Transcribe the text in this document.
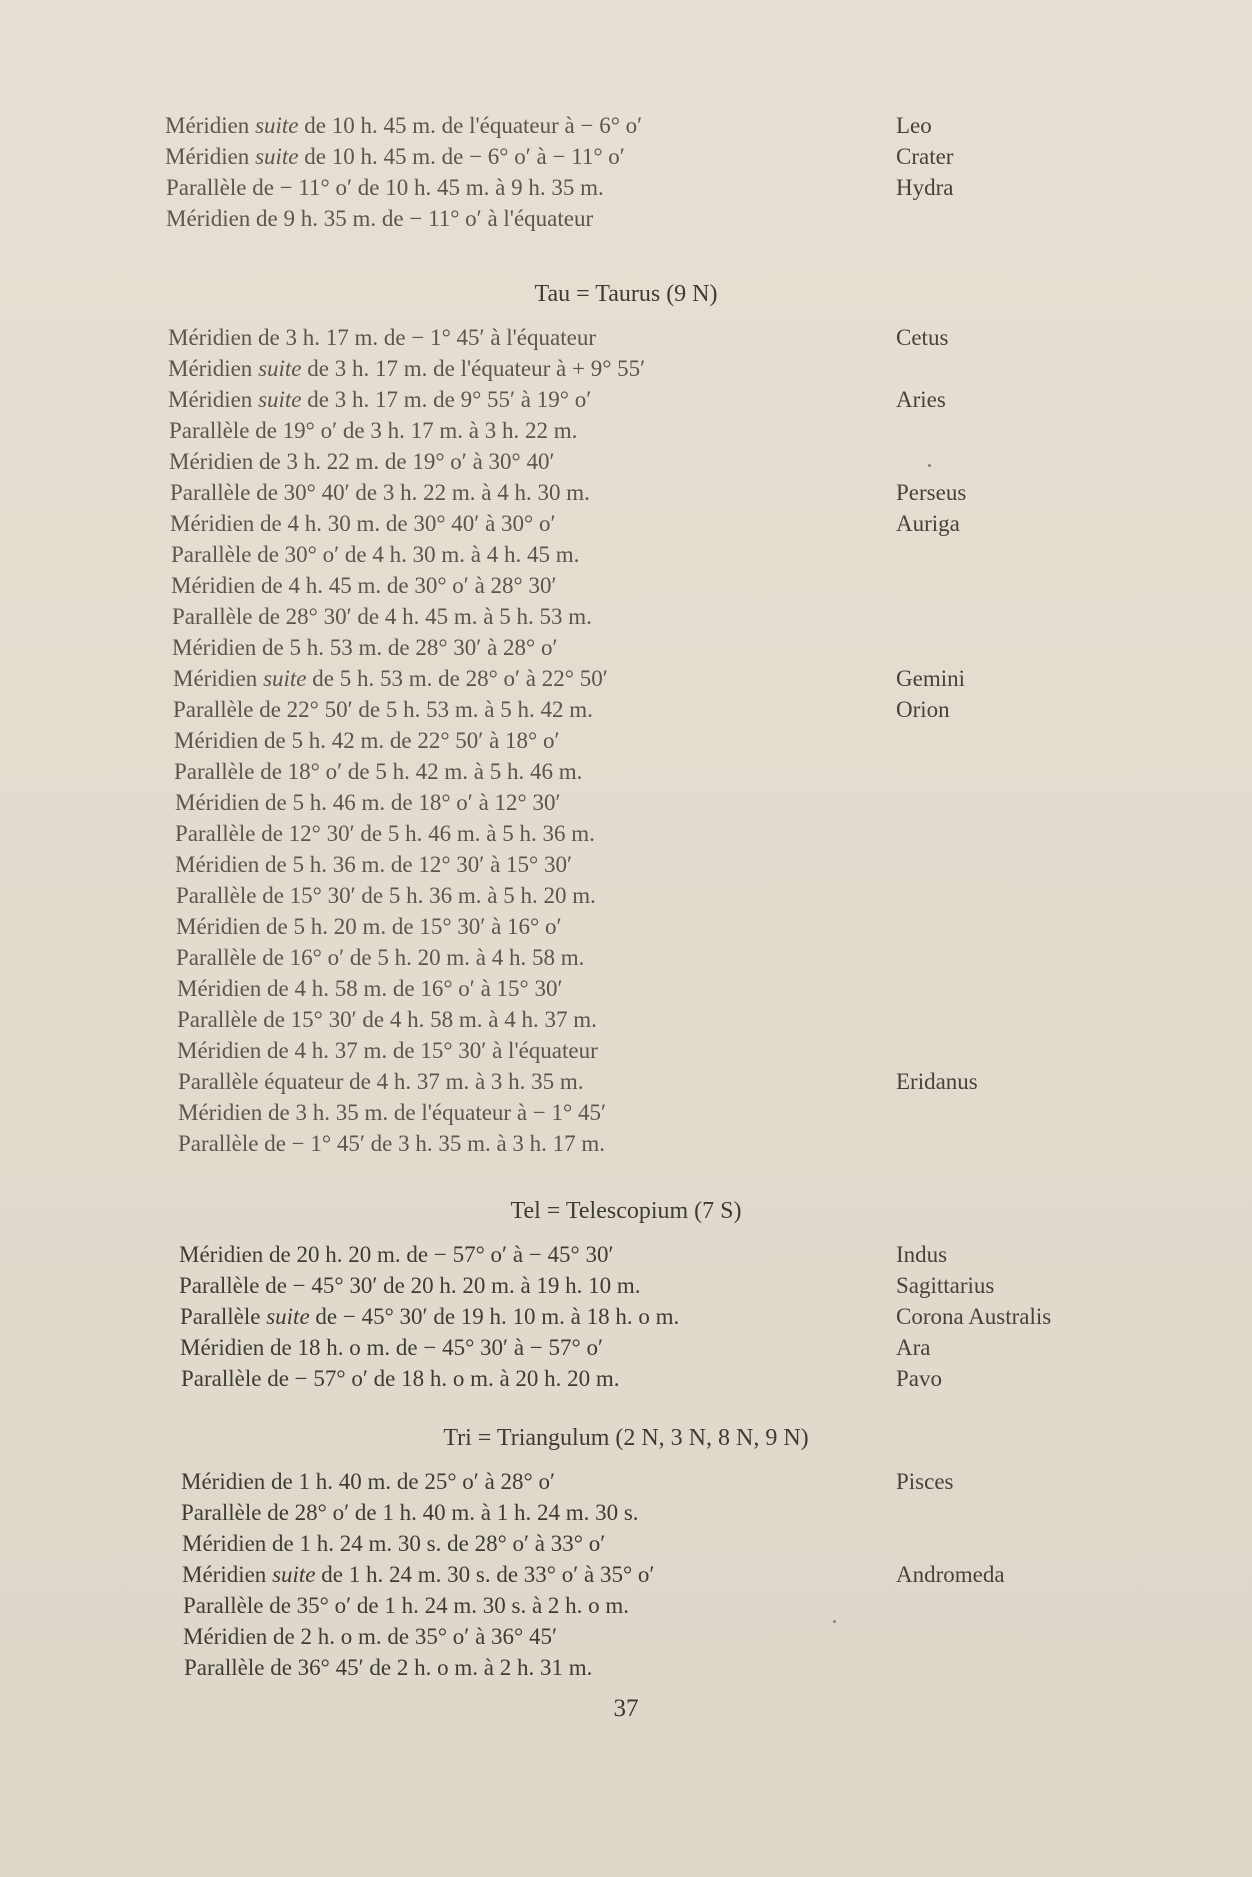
Méridien suite de 10 h. 45 m. de l'équateur à − 6° o′	Leo
Méridien suite de 10 h. 45 m. de − 6° o′ à − 11° o′	Crater
Parallèle de − 11° o′ de 10 h. 45 m. à 9 h. 35 m.	Hydra
Méridien de 9 h. 35 m. de − 11° o′ à l'équateur
Tau = Taurus (9 N)
Méridien de 3 h. 17 m. de − 1° 45′ à l'équateur	Cetus
Méridien suite de 3 h. 17 m. de l'équateur à + 9° 55′
Méridien suite de 3 h. 17 m. de 9° 55′ à 19° o′	Aries
Parallèle de 19° o′ de 3 h. 17 m. à 3 h. 22 m.
Méridien de 3 h. 22 m. de 19° o′ à 30° 40′
Parallèle de 30° 40′ de 3 h. 22 m. à 4 h. 30 m.	Perseus
Méridien de 4 h. 30 m. de 30° 40′ à 30° o′	Auriga
Parallèle de 30° o′ de 4 h. 30 m. à 4 h. 45 m.
Méridien de 4 h. 45 m. de 30° o′ à 28° 30′
Parallèle de 28° 30′ de 4 h. 45 m. à 5 h. 53 m.
Méridien de 5 h. 53 m. de 28° 30′ à 28° o′
Méridien suite de 5 h. 53 m. de 28° o′ à 22° 50′	Gemini
Parallèle de 22° 50′ de 5 h. 53 m. à 5 h. 42 m.	Orion
Méridien de 5 h. 42 m. de 22° 50′ à 18° o′
Parallèle de 18° o′ de 5 h. 42 m. à 5 h. 46 m.
Méridien de 5 h. 46 m. de 18° o′ à 12° 30′
Parallèle de 12° 30′ de 5 h. 46 m. à 5 h. 36 m.
Méridien de 5 h. 36 m. de 12° 30′ à 15° 30′
Parallèle de 15° 30′ de 5 h. 36 m. à 5 h. 20 m.
Méridien de 5 h. 20 m. de 15° 30′ à 16° o′
Parallèle de 16° o′ de 5 h. 20 m. à 4 h. 58 m.
Méridien de 4 h. 58 m. de 16° o′ à 15° 30′
Parallèle de 15° 30′ de 4 h. 58 m. à 4 h. 37 m.
Méridien de 4 h. 37 m. de 15° 30′ à l'équateur
Parallèle équateur de 4 h. 37 m. à 3 h. 35 m.	Eridanus
Méridien de 3 h. 35 m. de l'équateur à − 1° 45′
Parallèle de − 1° 45′ de 3 h. 35 m. à 3 h. 17 m.
Tel = Telescopium (7 S)
Méridien de 20 h. 20 m. de − 57° o′ à − 45° 30′	Indus
Parallèle de − 45° 30′ de 20 h. 20 m. à 19 h. 10 m.	Sagittarius
Parallèle suite de − 45° 30′ de 19 h. 10 m. à 18 h. o m.	Corona Australis
Méridien de 18 h. o m. de − 45° 30′ à − 57° o′	Ara
Parallèle de − 57° o′ de 18 h. o m. à 20 h. 20 m.	Pavo
Tri = Triangulum (2 N, 3 N, 8 N, 9 N)
Méridien de 1 h. 40 m. de 25° o′ à 28° o′	Pisces
Parallèle de 28° o′ de 1 h. 40 m. à 1 h. 24 m. 30 s.
Méridien de 1 h. 24 m. 30 s. de 28° o′ à 33° o′
Méridien suite de 1 h. 24 m. 30 s. de 33° o′ à 35° o′	Andromeda
Parallèle de 35° o′ de 1 h. 24 m. 30 s. à 2 h. o m.
Méridien de 2 h. o m. de 35° o′ à 36° 45′
Parallèle de 36° 45′ de 2 h. o m. à 2 h. 31 m.
37
